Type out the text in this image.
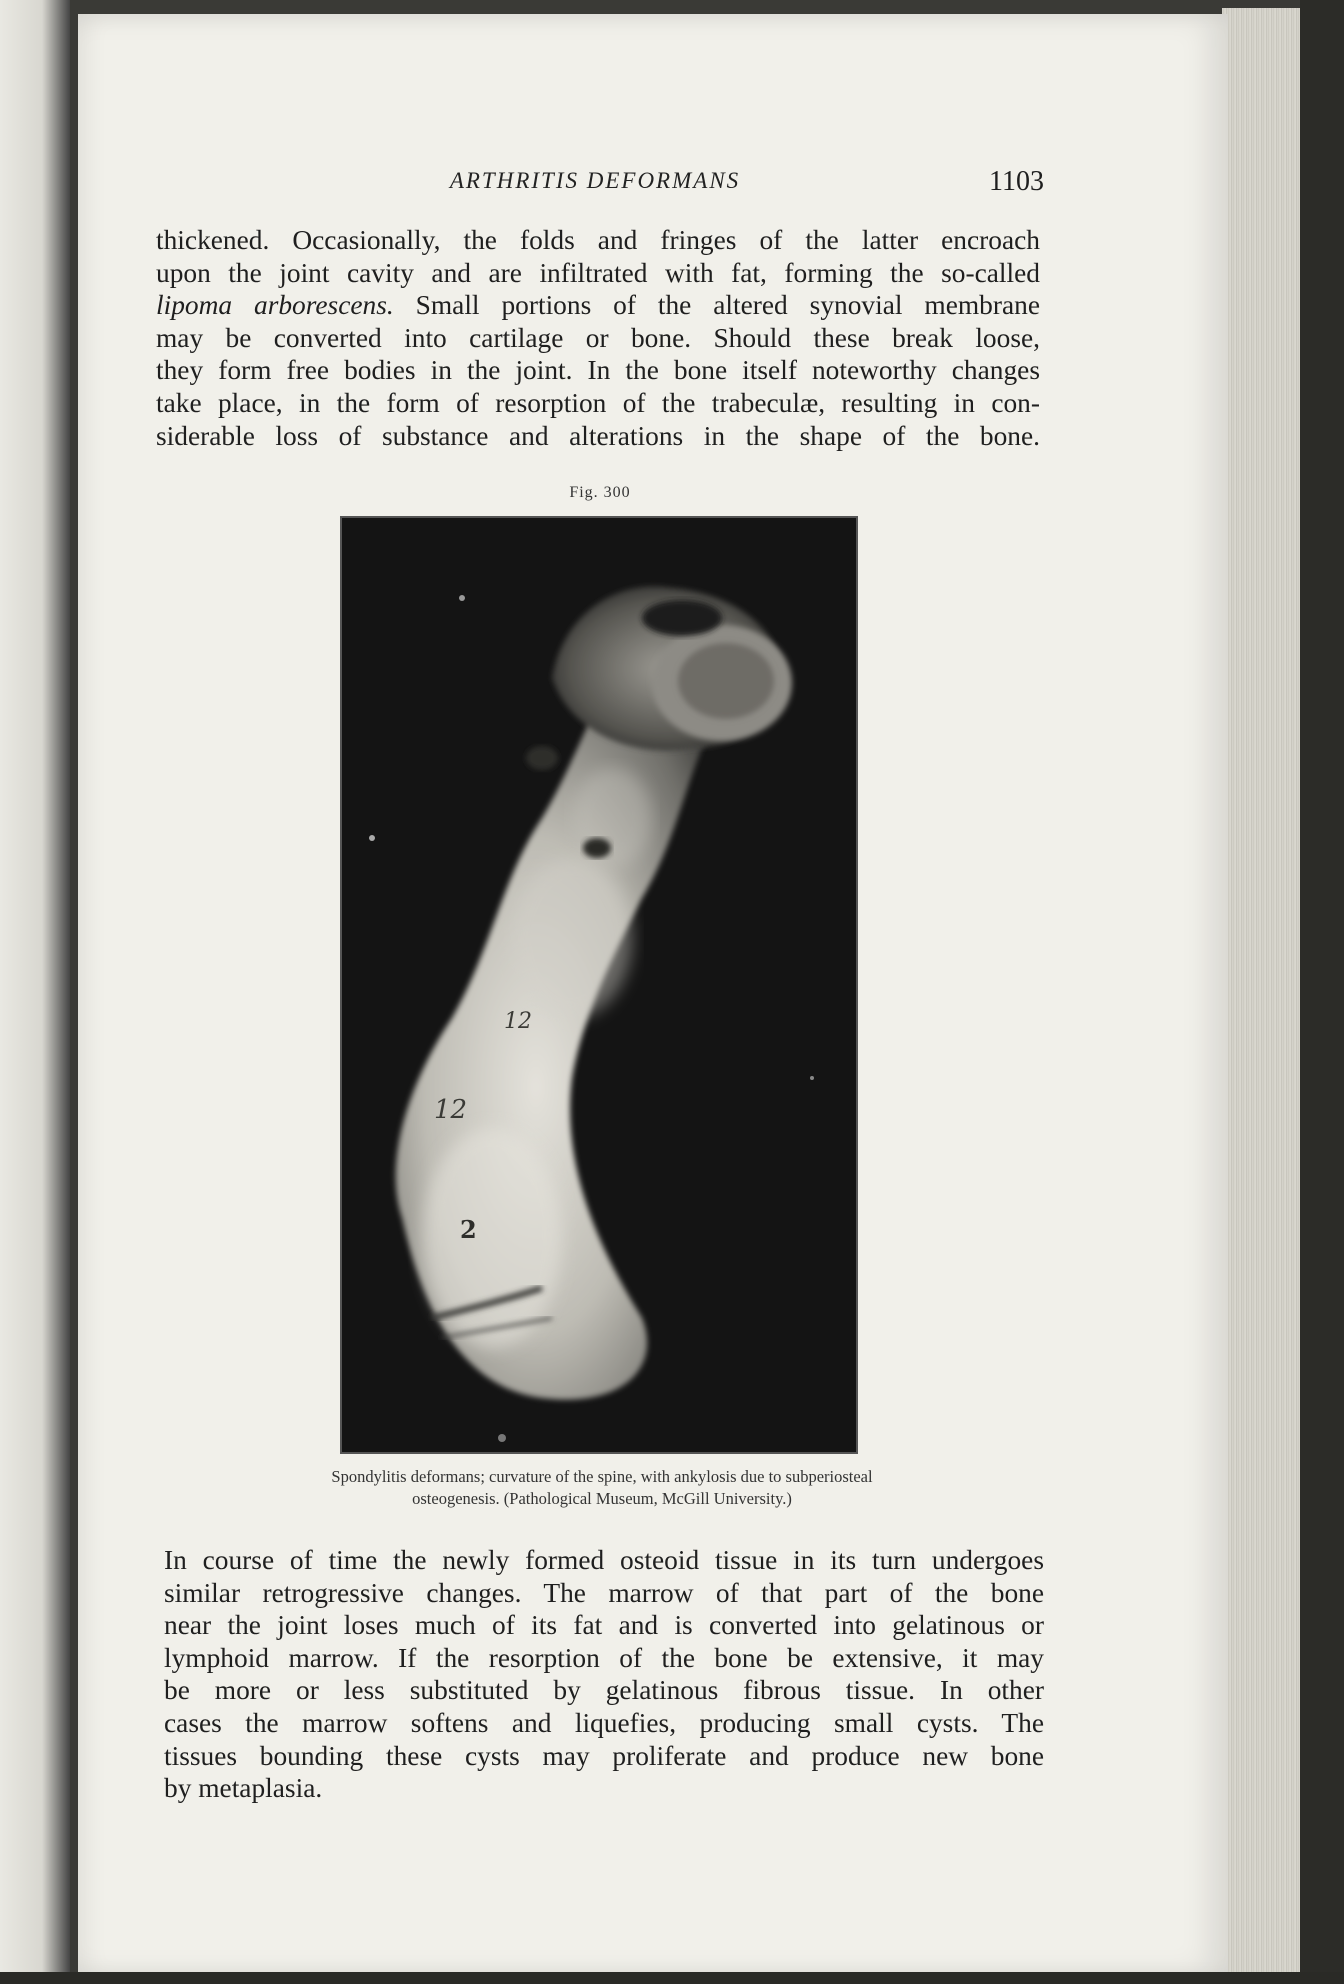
ARTHRITIS DEFORMANS	1103
thickened. Occasionally, the folds and fringes of the latter encroach
upon the joint cavity and are infiltrated with fat, forming the so-called
lipoma arborescens. Small portions of the altered synovial membrane
may be converted into cartilage or bone. Should these break loose,
they form free bodies in the joint. In the bone itself noteworthy changes
take place, in the form of resorption of the trabeculæ, resulting in con-
siderable loss of substance and alterations in the shape of the bone.
Fig. 300
12
12
2
Spondylitis deformans; curvature of the spine, with ankylosis due to subperiosteal
osteogenesis. (Pathological Museum, McGill University.)
In course of time the newly formed osteoid tissue in its turn undergoes
similar retrogressive changes. The marrow of that part of the bone
near the joint loses much of its fat and is converted into gelatinous or
lymphoid marrow. If the resorption of the bone be extensive, it may
be more or less substituted by gelatinous fibrous tissue. In other
cases the marrow softens and liquefies, producing small cysts. The
tissues bounding these cysts may proliferate and produce new bone
by metaplasia.
